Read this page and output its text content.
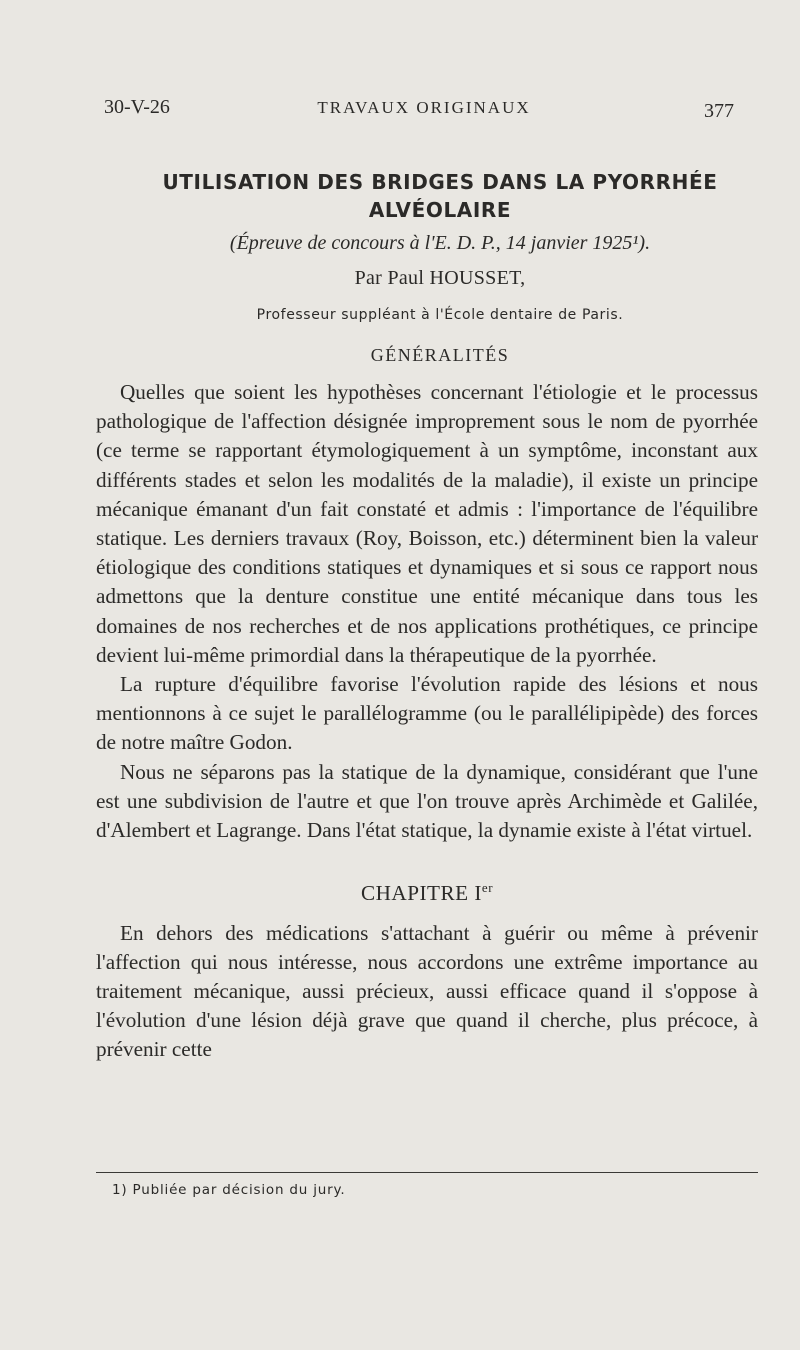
30-V-26	TRAVAUX ORIGINAUX	377
UTILISATION DES BRIDGES DANS LA PYORRHÉE
ALVÉOLAIRE
(Épreuve de concours à l'E. D. P., 14 janvier 1925¹).
Par Paul HOUSSET,
Professeur suppléant à l'École dentaire de Paris.
GÉNÉRALITÉS

Quelles que soient les hypothèses concernant l'étiologie et le processus pathologique de l'affection désignée improprement sous le nom de pyorrhée (ce terme se rapportant étymologiquement à un symptôme, inconstant aux différents stades et selon les modalités de la maladie), il existe un principe mécanique émanant d'un fait constaté et admis : l'importance de l'équilibre statique. Les derniers travaux (Roy, Boisson, etc.) déterminent bien la valeur étiologique des conditions statiques et dynamiques et si sous ce rapport nous admettons que la denture constitue une entité mécanique dans tous les domaines de nos recherches et de nos applications prothétiques, ce principe devient lui-même primordial dans la thérapeutique de la pyorrhée.

La rupture d'équilibre favorise l'évolution rapide des lésions et nous mentionnons à ce sujet le parallélogramme (ou le parallélipipède) des forces de notre maître Godon.

Nous ne séparons pas la statique de la dynamique, considérant que l'une est une subdivision de l'autre et que l'on trouve après Archimède et Galilée, d'Alembert et Lagrange. Dans l'état statique, la dynamie existe à l'état virtuel.

CHAPITRE Ier

En dehors des médications s'attachant à guérir ou même à prévenir l'affection qui nous intéresse, nous accordons une extrême importance au traitement mécanique, aussi précieux, aussi efficace quand il s'oppose à l'évolution d'une lésion déjà grave que quand il cherche, plus précoce, à prévenir cette

1) Publiée par décision du jury.
